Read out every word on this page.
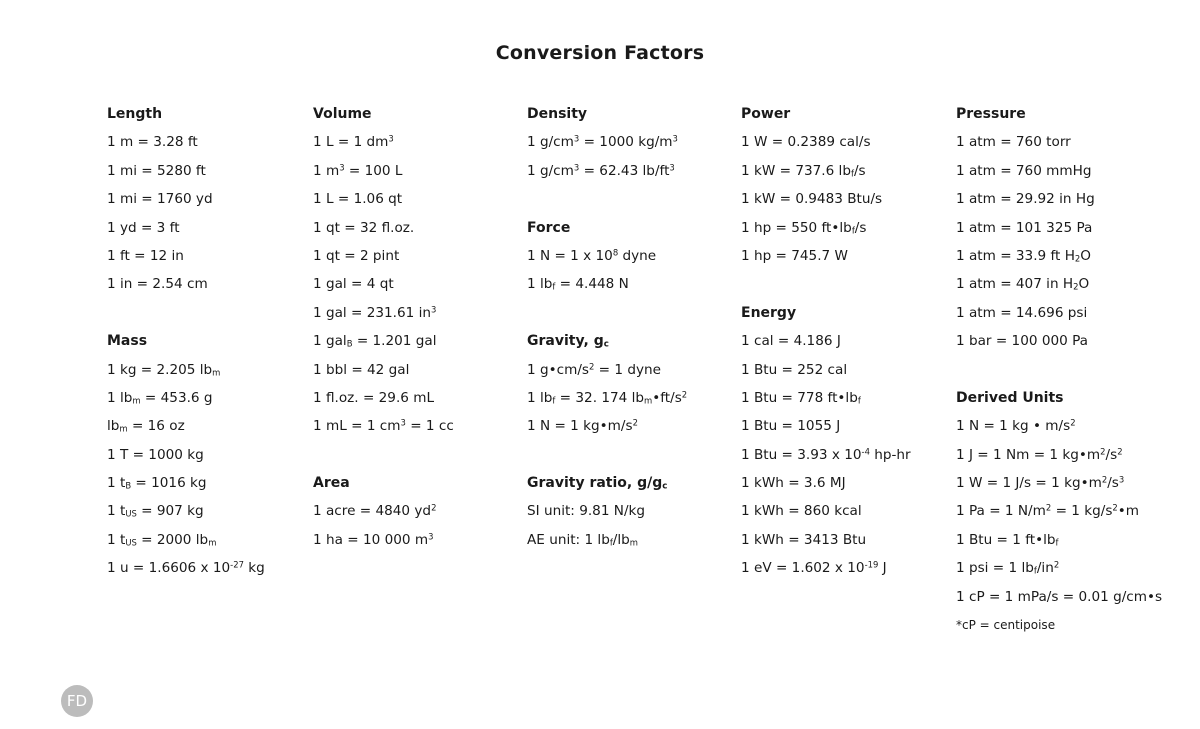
Conversion Factors
Length
1 m = 3.28 ft
1 mi = 5280 ft
1 mi = 1760 yd
1 yd = 3 ft
1 ft = 12 in
1 in = 2.54 cm
Mass
1 kg = 2.205 $lb_m$
1 $lb_m = 453.6$ g
$lb_m = 16$ oz
1 T = 1000 kg
1 $t_B = 1016$ kg
1 $t_{US} = 907$ kg
1 $t_{US} = 2000$ $lb_m$
1 u = 1.6606 x $10^{-27}$ kg
Volume
1 L = 1 $dm^3$
1 $m^3 = 100$ L
1 L = 1.06 qt
1 qt = 32 fl.oz.
1 qt = 2 pint
1 gal = 4 qt
1 gal = 231.61 $in^3$
1 gal$_B$ = 1.201 gal
1 bbl = 42 gal
1 fl.oz. = 29.6 mL
1 mL = 1 $cm^3 = 1$ cc
Area
1 acre = 4840 $yd^2$
1 ha = 10 000 $m^3$
Density
1 $g/cm^3 = 1000$ $kg/m^3$
1 $g/cm^3 = 62.43$ $lb/ft^3$
Force
1 N = 1 x $10^8$ dyne
1 $lb_f = 4.448$ N
Gravity, $g_c$
1 $g•cm/s^2 = 1$ dyne
1 $lb_f = 32$. 174 $lb_m•ft/s^2$
1 N = 1 $kg•m/s^2$
Gravity ratio, $g/g_c$
SI unit: 9.81 N/kg
AE unit: 1 $lb_f/lb_m$
Power
1 W = 0.2389 cal/s
1 kW = 737.6 $lb_f/s$
1 kW = 0.9483 Btu/s
1 hp = 550 $ft•lb_f/s$
1 hp = 745.7 W
Energy
1 cal = 4.186 J
1 Btu = 252 cal
1 Btu = 778 $ft•lb_f$
1 Btu = 1055 J
1 Btu = 3.93 x $10^{-4}$ hp-hr
1 kWh = 3.6 MJ
1 kWh = 860 kcal
1 kWh = 3413 Btu
1 eV = 1.602 x $10^{-19}$ J
Pressure
1 atm = 760 torr
1 atm = 760 mmHg
1 atm = 29.92 in Hg
1 atm = 101 325 Pa
1 atm = 33.9 ft $H_2O$
1 atm = 407 in $H_2O$
1 atm = 14.696 psi
1 bar = 100 000 Pa
Derived Units
1 N = 1 kg • $m/s^2$
1 J = 1 Nm = 1 $kg•m^2/s^2$
1 W = 1 J/s = 1 $kg•m^2/s^3$
1 Pa = 1 $N/m^2 = 1$ $kg/s^2•m$
1 Btu = 1 $ft•lb_f$
1 psi = 1 $lb_f/in^2$
1 cP = 1 mPa/s = 0.01 g/cm•s
*cP = centipoise
FD
